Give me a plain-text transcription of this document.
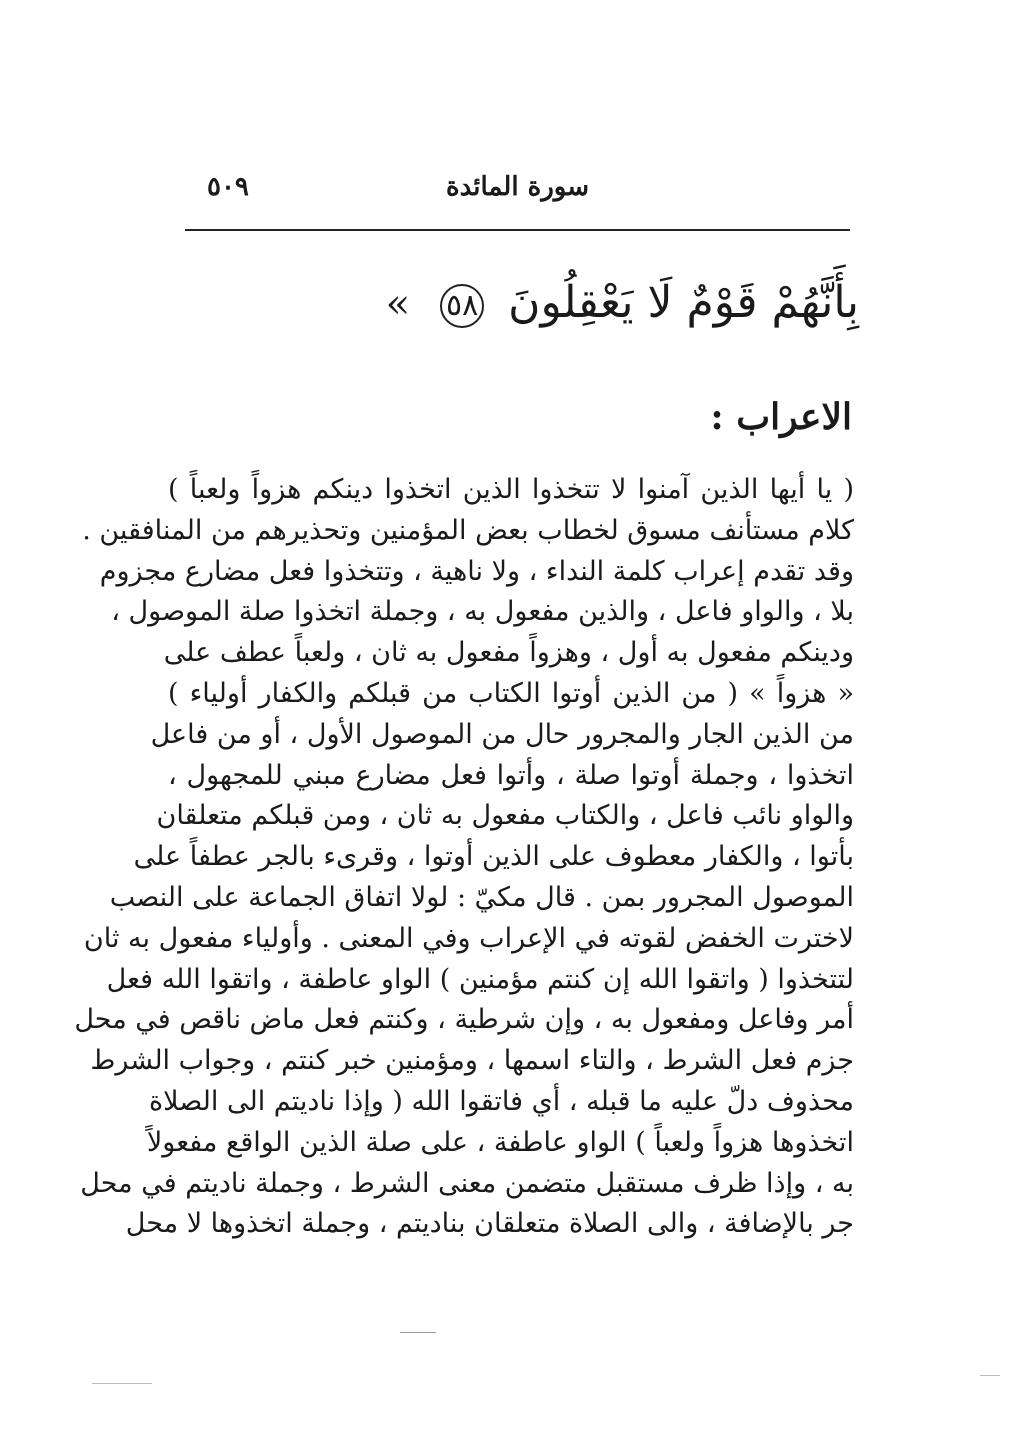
سورة المائدة
٥٠٩
بِأَنَّهُمْ قَوْمٌ لَا يَعْقِلُونَ ٥٨ »
الاعراب :
( يا أيها الذين آمنوا لا تتخذوا الذين اتخذوا دينكم هزواً ولعباً )
كلام مستأنف مسوق لخطاب بعض المؤمنين وتحذيرهم من المنافقين .
وقد تقدم إعراب كلمة النداء ، ولا ناهية ، وتتخذوا فعل مضارع مجزوم
بلا ، والواو فاعل ، والذين مفعول به ، وجملة اتخذوا صلة الموصول ،
ودينكم مفعول به أول ، وهزواً مفعول به ثان ، ولعباً عطف على
« هزواً » ( من الذين أوتوا الكتاب من قبلكم والكفار أولياء )
من الذين الجار والمجرور حال من الموصول الأول ، أو من فاعل
اتخذوا ، وجملة أوتوا صلة ، وأتوا فعل مضارع مبني للمجهول ،
والواو نائب فاعل ، والكتاب مفعول به ثان ، ومن قبلكم متعلقان
بأتوا ، والكفار معطوف على الذين أوتوا ، وقرىء بالجر عطفاً على
الموصول المجرور بمن . قال مكيّ : لولا اتفاق الجماعة على النصب
لاخترت الخفض لقوته في الإعراب وفي المعنى . وأولياء مفعول به ثان
لتتخذوا ( واتقوا الله إن كنتم مؤمنين ) الواو عاطفة ، واتقوا الله فعل
أمر وفاعل ومفعول به ، وإن شرطية ، وكنتم فعل ماض ناقص في محل
جزم فعل الشرط ، والتاء اسمها ، ومؤمنين خبر كنتم ، وجواب الشرط
محذوف دلّ عليه ما قبله ، أي فاتقوا الله ( وإذا ناديتم الى الصلاة
اتخذوها هزواً ولعباً ) الواو عاطفة ، على صلة الذين الواقع مفعولاً
به ، وإذا ظرف مستقبل متضمن معنى الشرط ، وجملة ناديتم في محل
جر بالإضافة ، والى الصلاة متعلقان بناديتم ، وجملة اتخذوها لا محل
